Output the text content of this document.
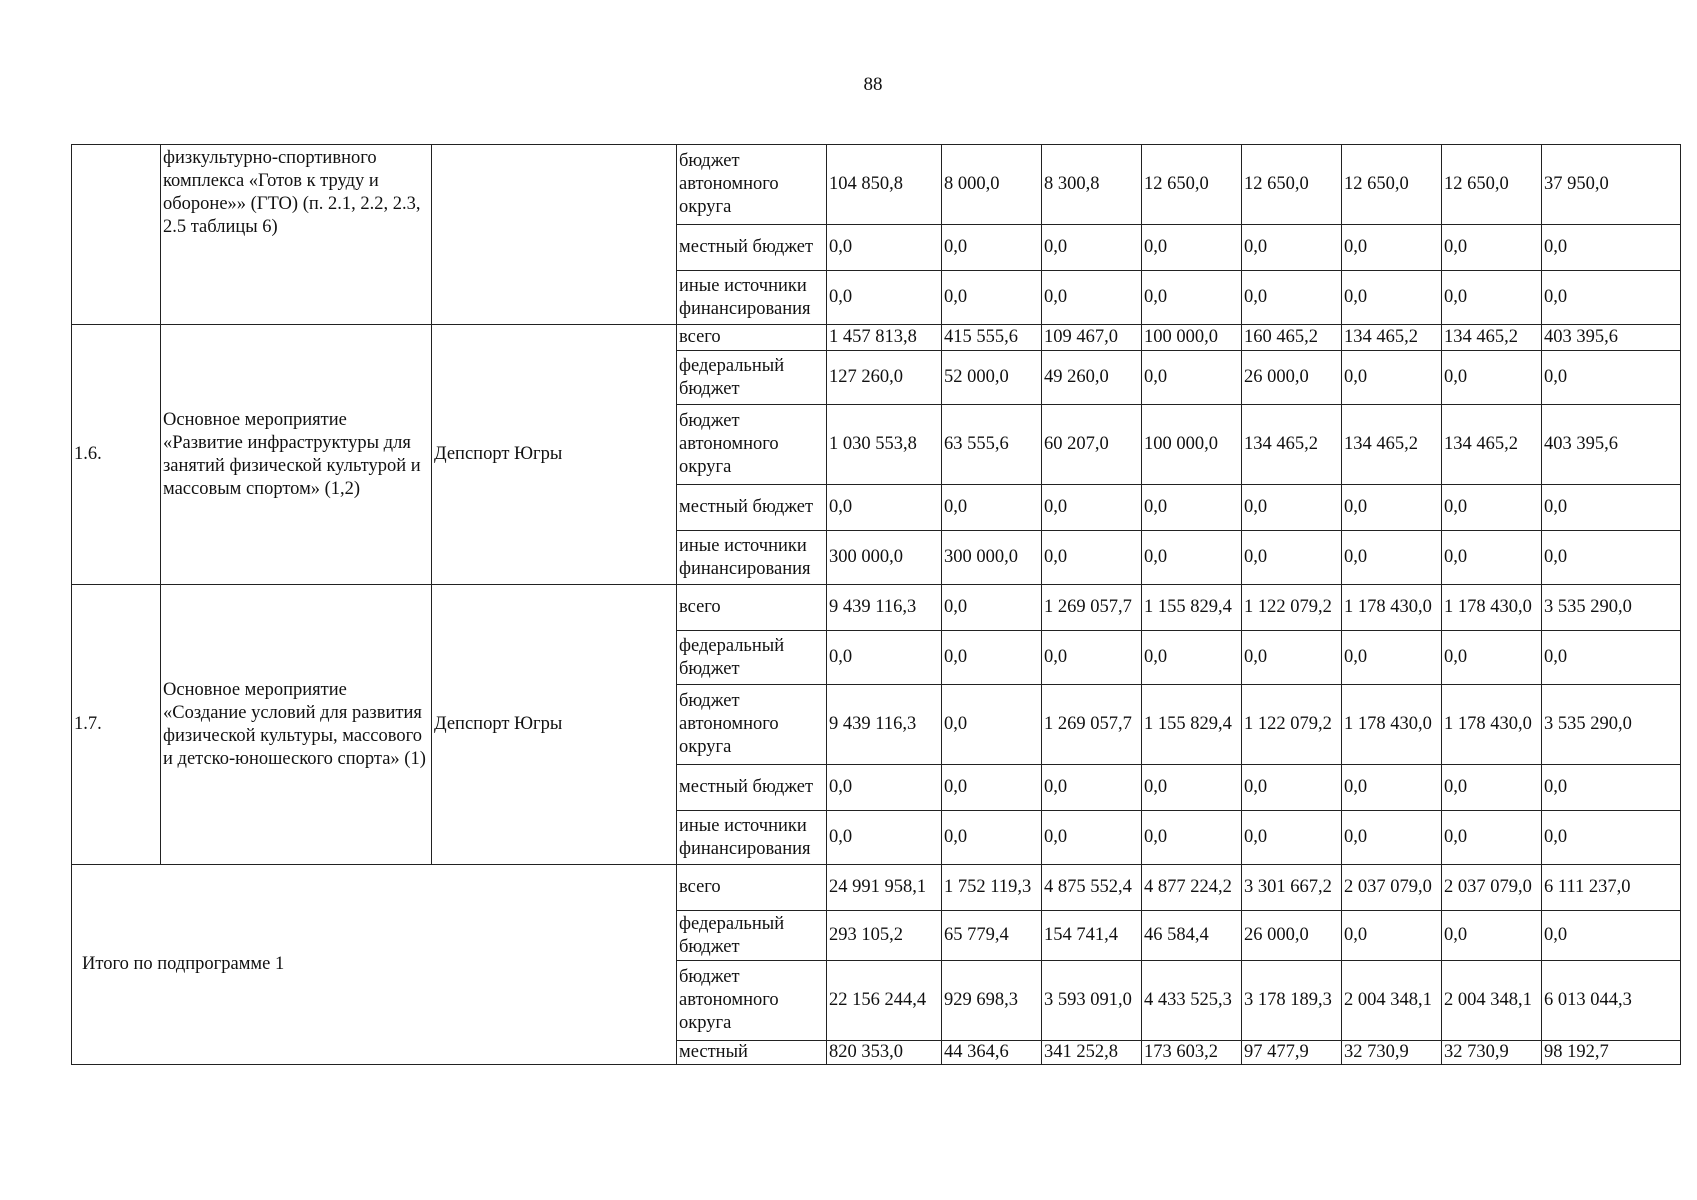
88
	физкультурно-спортивного комплекса «Готов к труду и обороне»» (ГТО) (п. 2.1, 2.2, 2.3, 2.5 таблицы 6)		бюджет автономного округа	104 850,8	8 000,0	8 300,8	12 650,0	12 650,0	12 650,0	12 650,0	37 950,0
			местный бюджет	0,0	0,0	0,0	0,0	0,0	0,0	0,0	0,0
			иные источники финансирования	0,0	0,0	0,0	0,0	0,0	0,0	0,0	0,0
1.6.	Основное мероприятие «Развитие инфраструктуры для занятий физической культурой и массовым спортом» (1,2)	Депспорт Югры	всего	1 457 813,8	415 555,6	109 467,0	100 000,0	160 465,2	134 465,2	134 465,2	403 395,6
			федеральный бюджет	127 260,0	52 000,0	49 260,0	0,0	26 000,0	0,0	0,0	0,0
			бюджет автономного округа	1 030 553,8	63 555,6	60 207,0	100 000,0	134 465,2	134 465,2	134 465,2	403 395,6
			местный бюджет	0,0	0,0	0,0	0,0	0,0	0,0	0,0	0,0
			иные источники финансирования	300 000,0	300 000,0	0,0	0,0	0,0	0,0	0,0	0,0
1.7.	Основное мероприятие «Создание условий для развития физической культуры, массового и детско-юношеского спорта» (1)	Депспорт Югры	всего	9 439 116,3	0,0	1 269 057,7	1 155 829,4	1 122 079,2	1 178 430,0	1 178 430,0	3 535 290,0
			федеральный бюджет	0,0	0,0	0,0	0,0	0,0	0,0	0,0	0,0
			бюджет автономного округа	9 439 116,3	0,0	1 269 057,7	1 155 829,4	1 122 079,2	1 178 430,0	1 178 430,0	3 535 290,0
			местный бюджет	0,0	0,0	0,0	0,0	0,0	0,0	0,0	0,0
			иные источники финансирования	0,0	0,0	0,0	0,0	0,0	0,0	0,0	0,0
Итого по подпрограмме 1			всего	24 991 958,1	1 752 119,3	4 875 552,4	4 877 224,2	3 301 667,2	2 037 079,0	2 037 079,0	6 111 237,0
			федеральный бюджет	293 105,2	65 779,4	154 741,4	46 584,4	26 000,0	0,0	0,0	0,0
			бюджет автономного округа	22 156 244,4	929 698,3	3 593 091,0	4 433 525,3	3 178 189,3	2 004 348,1	2 004 348,1	6 013 044,3
			местный	820 353,0	44 364,6	341 252,8	173 603,2	97 477,9	32 730,9	32 730,9	98 192,7
